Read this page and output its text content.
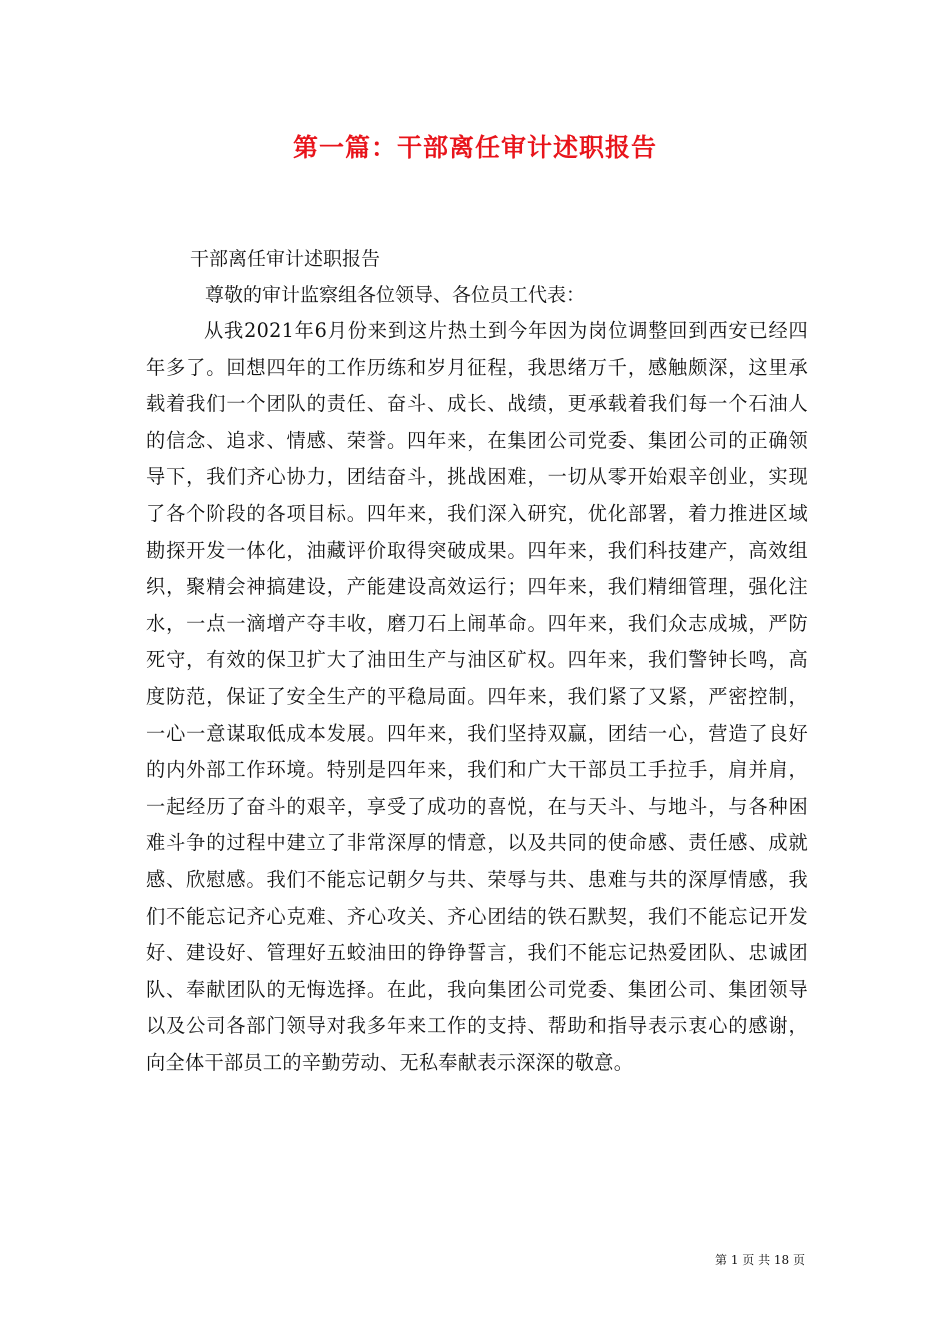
第一篇：干部离任审计述职报告

干部离任审计述职报告

尊敬的审计监察组各位领导、各位员工代表：

从我2021年6月份来到这片热土到今年因为岗位调整回到西安已经四年多了。回想四年的工作历练和岁月征程，我思绪万千，感触颇深，这里承载着我们一个团队的责任、奋斗、成长、战绩，更承载着我们每一个石油人的信念、追求、情感、荣誉。四年来，在集团公司党委、集团公司的正确领导下，我们齐心协力，团结奋斗，挑战困难，一切从零开始艰辛创业，实现了各个阶段的各项目标。四年来，我们深入研究，优化部署，着力推进区域勘探开发一体化，油藏评价取得突破成果。四年来，我们科技建产，高效组织，聚精会神搞建设，产能建设高效运行；四年来，我们精细管理，强化注水，一点一滴增产夺丰收，磨刀石上闹革命。四年来，我们众志成城，严防死守，有效的保卫扩大了油田生产与油区矿权。四年来，我们警钟长鸣，高度防范，保证了安全生产的平稳局面。四年来，我们紧了又紧，严密控制，一心一意谋取低成本发展。四年来，我们坚持双赢，团结一心，营造了良好的内外部工作环境。特别是四年来，我们和广大干部员工手拉手，肩并肩，一起经历了奋斗的艰辛，享受了成功的喜悦，在与天斗、与地斗，与各种困难斗争的过程中建立了非常深厚的情意，以及共同的使命感、责任感、成就感、欣慰感。我们不能忘记朝夕与共、荣辱与共、患难与共的深厚情感，我们不能忘记齐心克难、齐心攻关、齐心团结的铁石默契，我们不能忘记开发好、建设好、管理好五蛟油田的铮铮誓言，我们不能忘记热爱团队、忠诚团队、奉献团队的无悔选择。在此，我向集团公司党委、集团公司、集团领导以及公司各部门领导对我多年来工作的支持、帮助和指导表示衷心的感谢，向全体干部员工的辛勤劳动、无私奉献表示深深的敬意。

第 1 页 共 18 页
